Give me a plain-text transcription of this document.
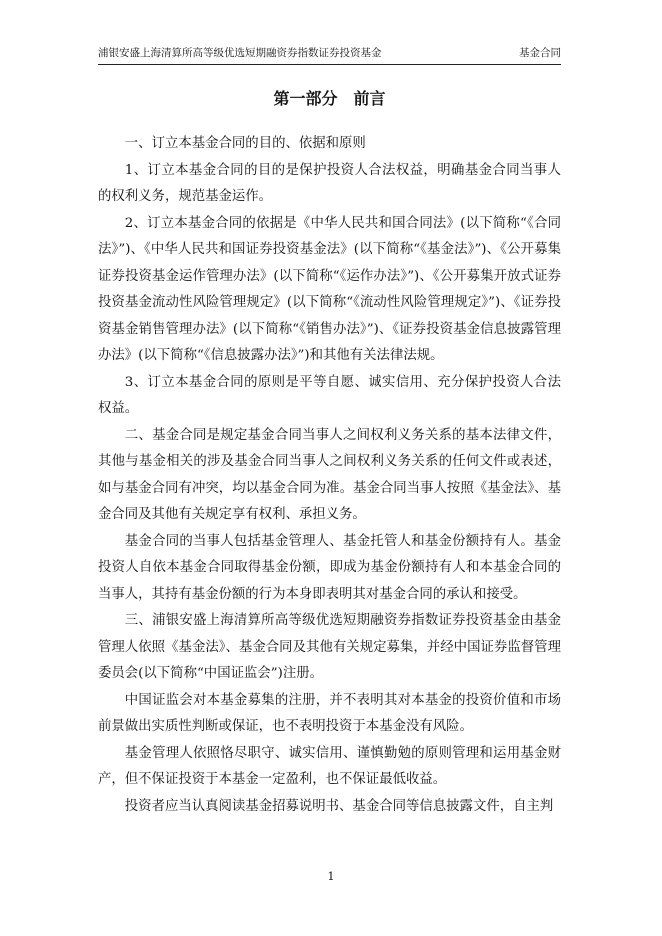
浦银安盛上海清算所高等级优选短期融资券指数证券投资基金	基金合同
第一部分　前言

一、订立本基金合同的目的、依据和原则

1、订立本基金合同的目的是保护投资人合法权益，明确基金合同当事人的权利义务，规范基金运作。

2、订立本基金合同的依据是《中华人民共和国合同法》(以下简称“《合同法》”)、《中华人民共和国证券投资基金法》(以下简称“《基金法》”)、《公开募集证券投资基金运作管理办法》(以下简称“《运作办法》”)、《公开募集开放式证券投资基金流动性风险管理规定》(以下简称“《流动性风险管理规定》”)、《证券投资基金销售管理办法》(以下简称“《销售办法》”)、《证券投资基金信息披露管理办法》(以下简称“《信息披露办法》”)和其他有关法律法规。

3、订立本基金合同的原则是平等自愿、诚实信用、充分保护投资人合法权益。

二、基金合同是规定基金合同当事人之间权利义务关系的基本法律文件，其他与基金相关的涉及基金合同当事人之间权利义务关系的任何文件或表述，如与基金合同有冲突，均以基金合同为准。基金合同当事人按照《基金法》、基金合同及其他有关规定享有权利、承担义务。

基金合同的当事人包括基金管理人、基金托管人和基金份额持有人。基金投资人自依本基金合同取得基金份额，即成为基金份额持有人和本基金合同的当事人，其持有基金份额的行为本身即表明其对基金合同的承认和接受。

三、浦银安盛上海清算所高等级优选短期融资券指数证券投资基金由基金管理人依照《基金法》、基金合同及其他有关规定募集，并经中国证券监督管理委员会(以下简称“中国证监会”)注册。

中国证监会对本基金募集的注册，并不表明其对本基金的投资价值和市场前景做出实质性判断或保证，也不表明投资于本基金没有风险。

基金管理人依照恪尽职守、诚实信用、谨慎勤勉的原则管理和运用基金财产，但不保证投资于本基金一定盈利，也不保证最低收益。

投资者应当认真阅读基金招募说明书、基金合同等信息披露文件，自主判

1
